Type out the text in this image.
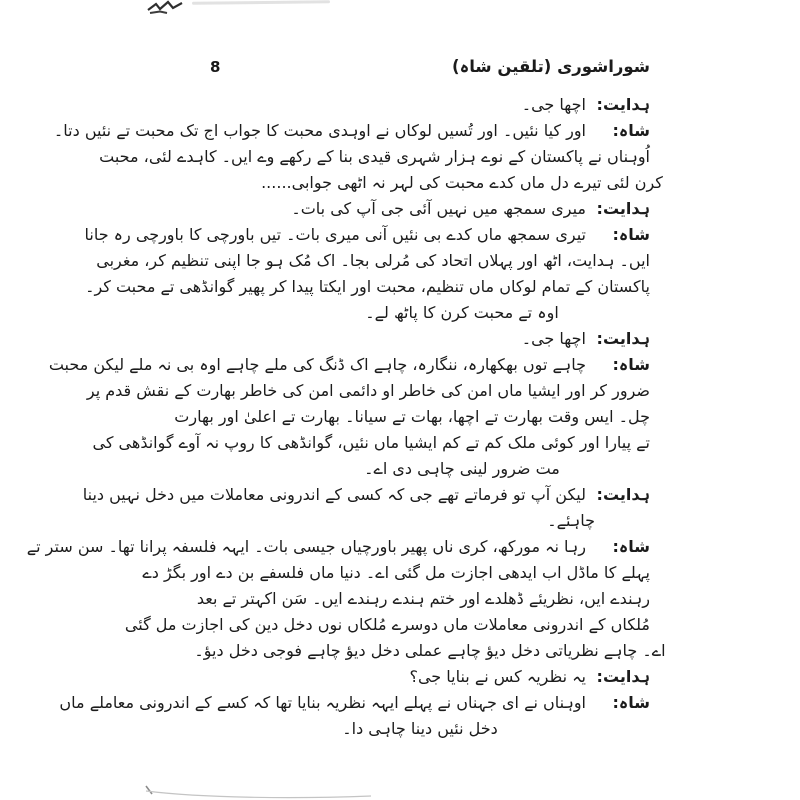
شوراشوری (تلقین شاہ)
8
ہدایت:
اچھا جی۔
شاہ:
اور کیا نئیں۔ اور تُسیں لوکاں نے اوہدی محبت کا جواب اج تک محبت تے نئیں دتا۔
اُوہناں نے پاکستان کے نوے ہزار شہری قیدی بنا کے رکھے وے ایں۔ کاہدے لئی، محبت
کرن لئی تیرے دل ماں کدے محبت کی لہر نہ اٹھی جوابی......
ہدایت:
میری سمجھ میں نہیں آئی جی آپ کی بات۔
شاہ:
تیری سمجھ ماں کدے بی نئیں آنی میری بات۔ تیں باورچی کا باورچی رہ جانا
ایں۔ ہدایت، اٹھ اور پہلاں اتحاد کی مُرلی بجا۔ اک مُک ہو جا اپنی تنظیم کر، مغربی
پاکستان کے تمام لوکاں ماں تنظیم، محبت اور ایکتا پیدا کر پھیر گوانڈھی تے محبت کر۔
اوہ تے محبت کرن کا پاٹھ لے۔
ہدایت:
اچھا جی۔
شاہ:
چاہے توں بھکھارہ، ننگارہ، چاہے اک ڈنگ کی ملے چاہے اوہ بی نہ ملے لیکن محبت
ضرور کر اور ایشیا ماں امن کی خاطر او دائمی امن کی خاطر بھارت کے نقش قدم پر
چل۔ ایس وقت بھارت تے اچھا، بھات تے سیانا۔ بھارت تے اعلیٰ اور بھارت
تے پیارا اور کوئی ملک کم تے کم ایشیا ماں نئیں، گوانڈھی کا روپ نہ آوے گوانڈھی کی
مت ضرور لینی چاہی دی اے۔
ہدایت:
لیکن آپ تو فرماتے تھے جی کہ کسی کے اندرونی معاملات میں دخل نہیں دینا
چاہئے۔
شاہ:
رہا نہ مورکھ، کری ناں پھیر باورچیاں جیسی بات۔ ایہہ فلسفہ پرانا تھا۔ سن ستر تے
پہلے کا ماڈل اب ایدھی اجازت مل گئی اے۔ دنیا ماں فلسفے بن دے اور بگڑ دے
رہندے ایں، نظریئے ڈھلدے اور ختم ہندے رہندے ایں۔ سَن اکہتر تے بعد
مُلکاں کے اندرونی معاملات ماں دوسرے مُلکاں نوں دخل دین کی اجازت مل گئی
اے۔ چاہے نظریاتی دخل دیؤ چاہے عملی دخل دیؤ چاہے فوجی دخل دیؤ۔
ہدایت:
یہ نظریہ کس نے بنایا جی؟
شاہ:
اوہناں نے ای جہناں نے پہلے ایہہ نظریہ بنایا تھا کہ کسے کے اندرونی معاملے ماں
دخل نئیں دینا چاہی دا۔
